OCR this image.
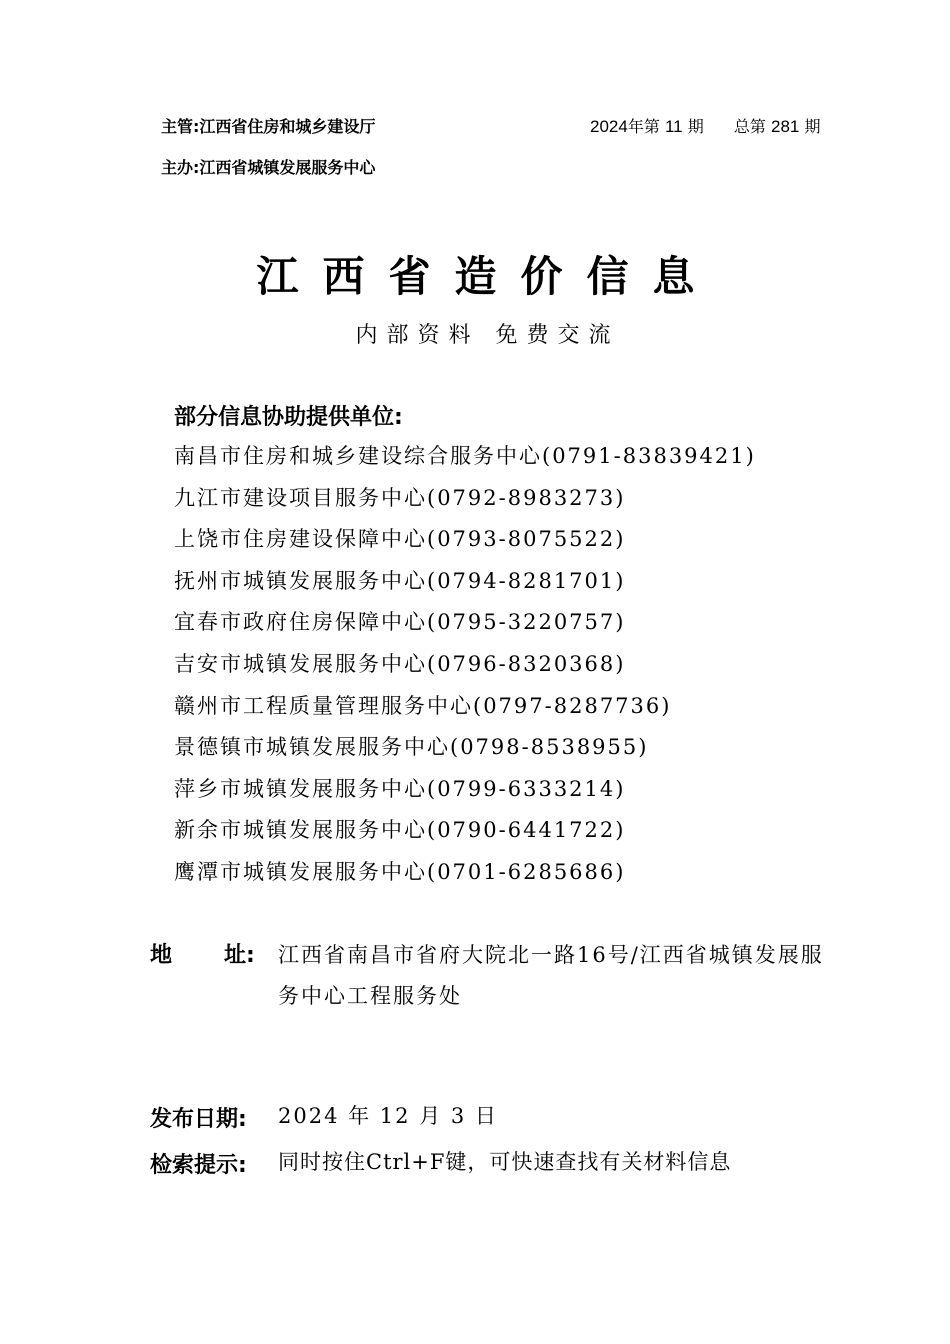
主管:江西省住房和城乡建设厅
主办:江西省城镇发展服务中心
2024年第 11 期 总第 281 期
江西省造价信息
内部资料 免费交流
部分信息协助提供单位:
南昌市住房和城乡建设综合服务中心(0791-83839421)
九江市建设项目服务中心(0792-8983273)
上饶市住房建设保障中心(0793-8075522)
抚州市城镇发展服务中心(0794-8281701)
宜春市政府住房保障中心(0795-3220757)
吉安市城镇发展服务中心(0796-8320368)
赣州市工程质量管理服务中心(0797-8287736)
景德镇市城镇发展服务中心(0798-8538955)
萍乡市城镇发展服务中心(0799-6333214)
新余市城镇发展服务中心(0790-6441722)
鹰潭市城镇发展服务中心(0701-6285686)
地 址: 江西省南昌市省府大院北一路16号/江西省城镇发展服务中心工程服务处
发布日期: 2024 年 12 月 3 日
检索提示: 同时按住Ctrl+F键，可快速查找有关材料信息
